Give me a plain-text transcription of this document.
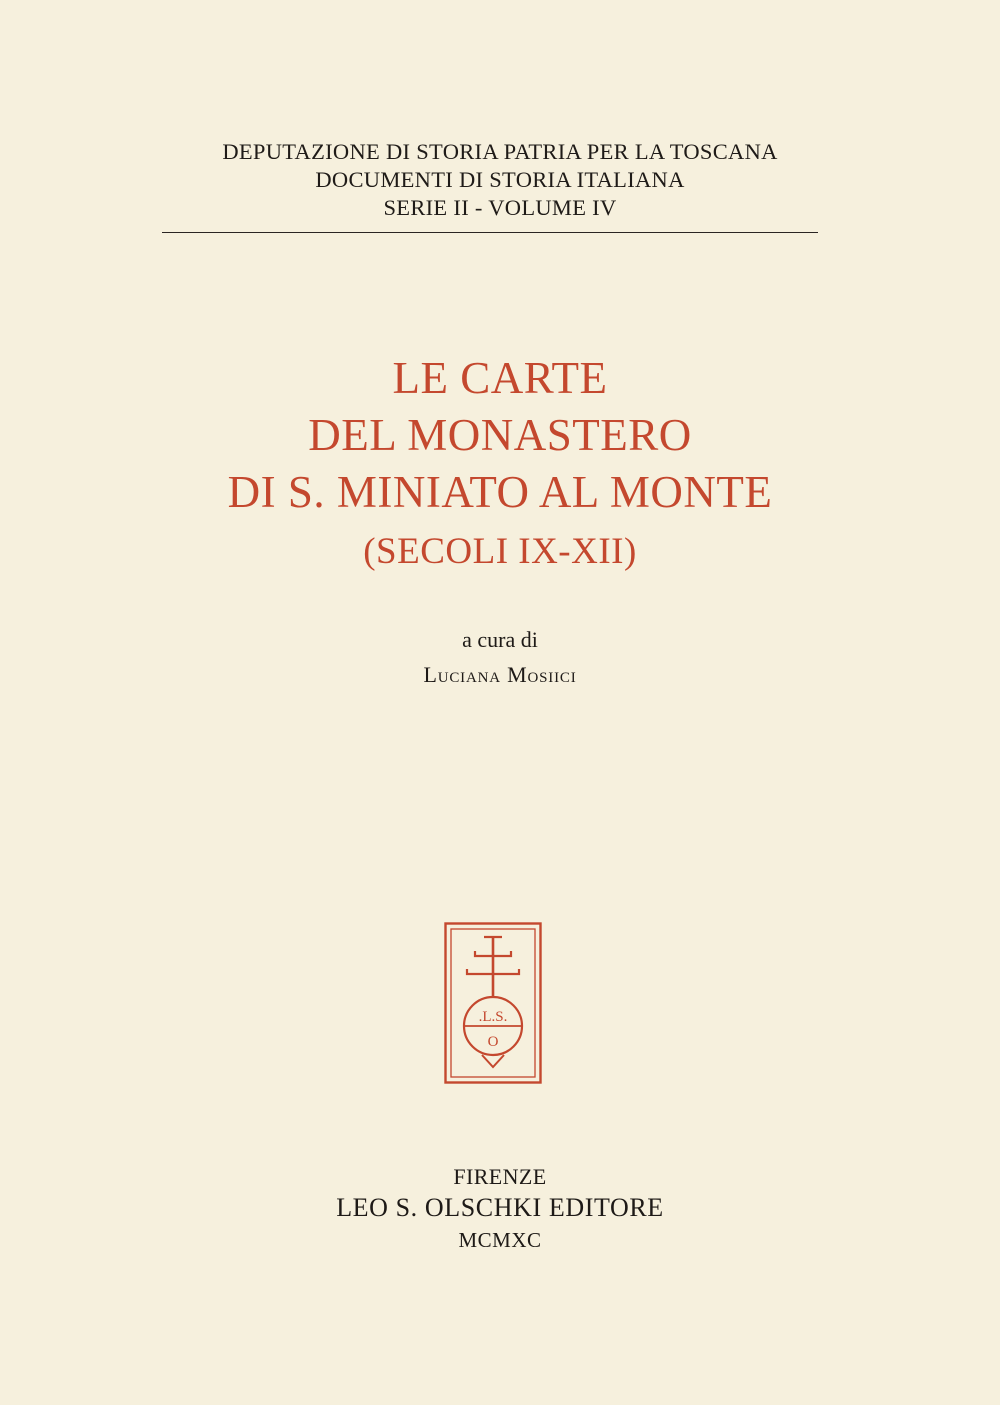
DEPUTAZIONE DI STORIA PATRIA PER LA TOSCANA
DOCUMENTI DI STORIA ITALIANA
SERIE II - VOLUME IV
LE CARTE
DEL MONASTERO
DI S. MINIATO AL MONTE
(SECOLI IX-XII)
a cura di
Luciana Mosiici
.L.S.
O
FIRENZE
LEO S. OLSCHKI EDITORE
MCMXC
